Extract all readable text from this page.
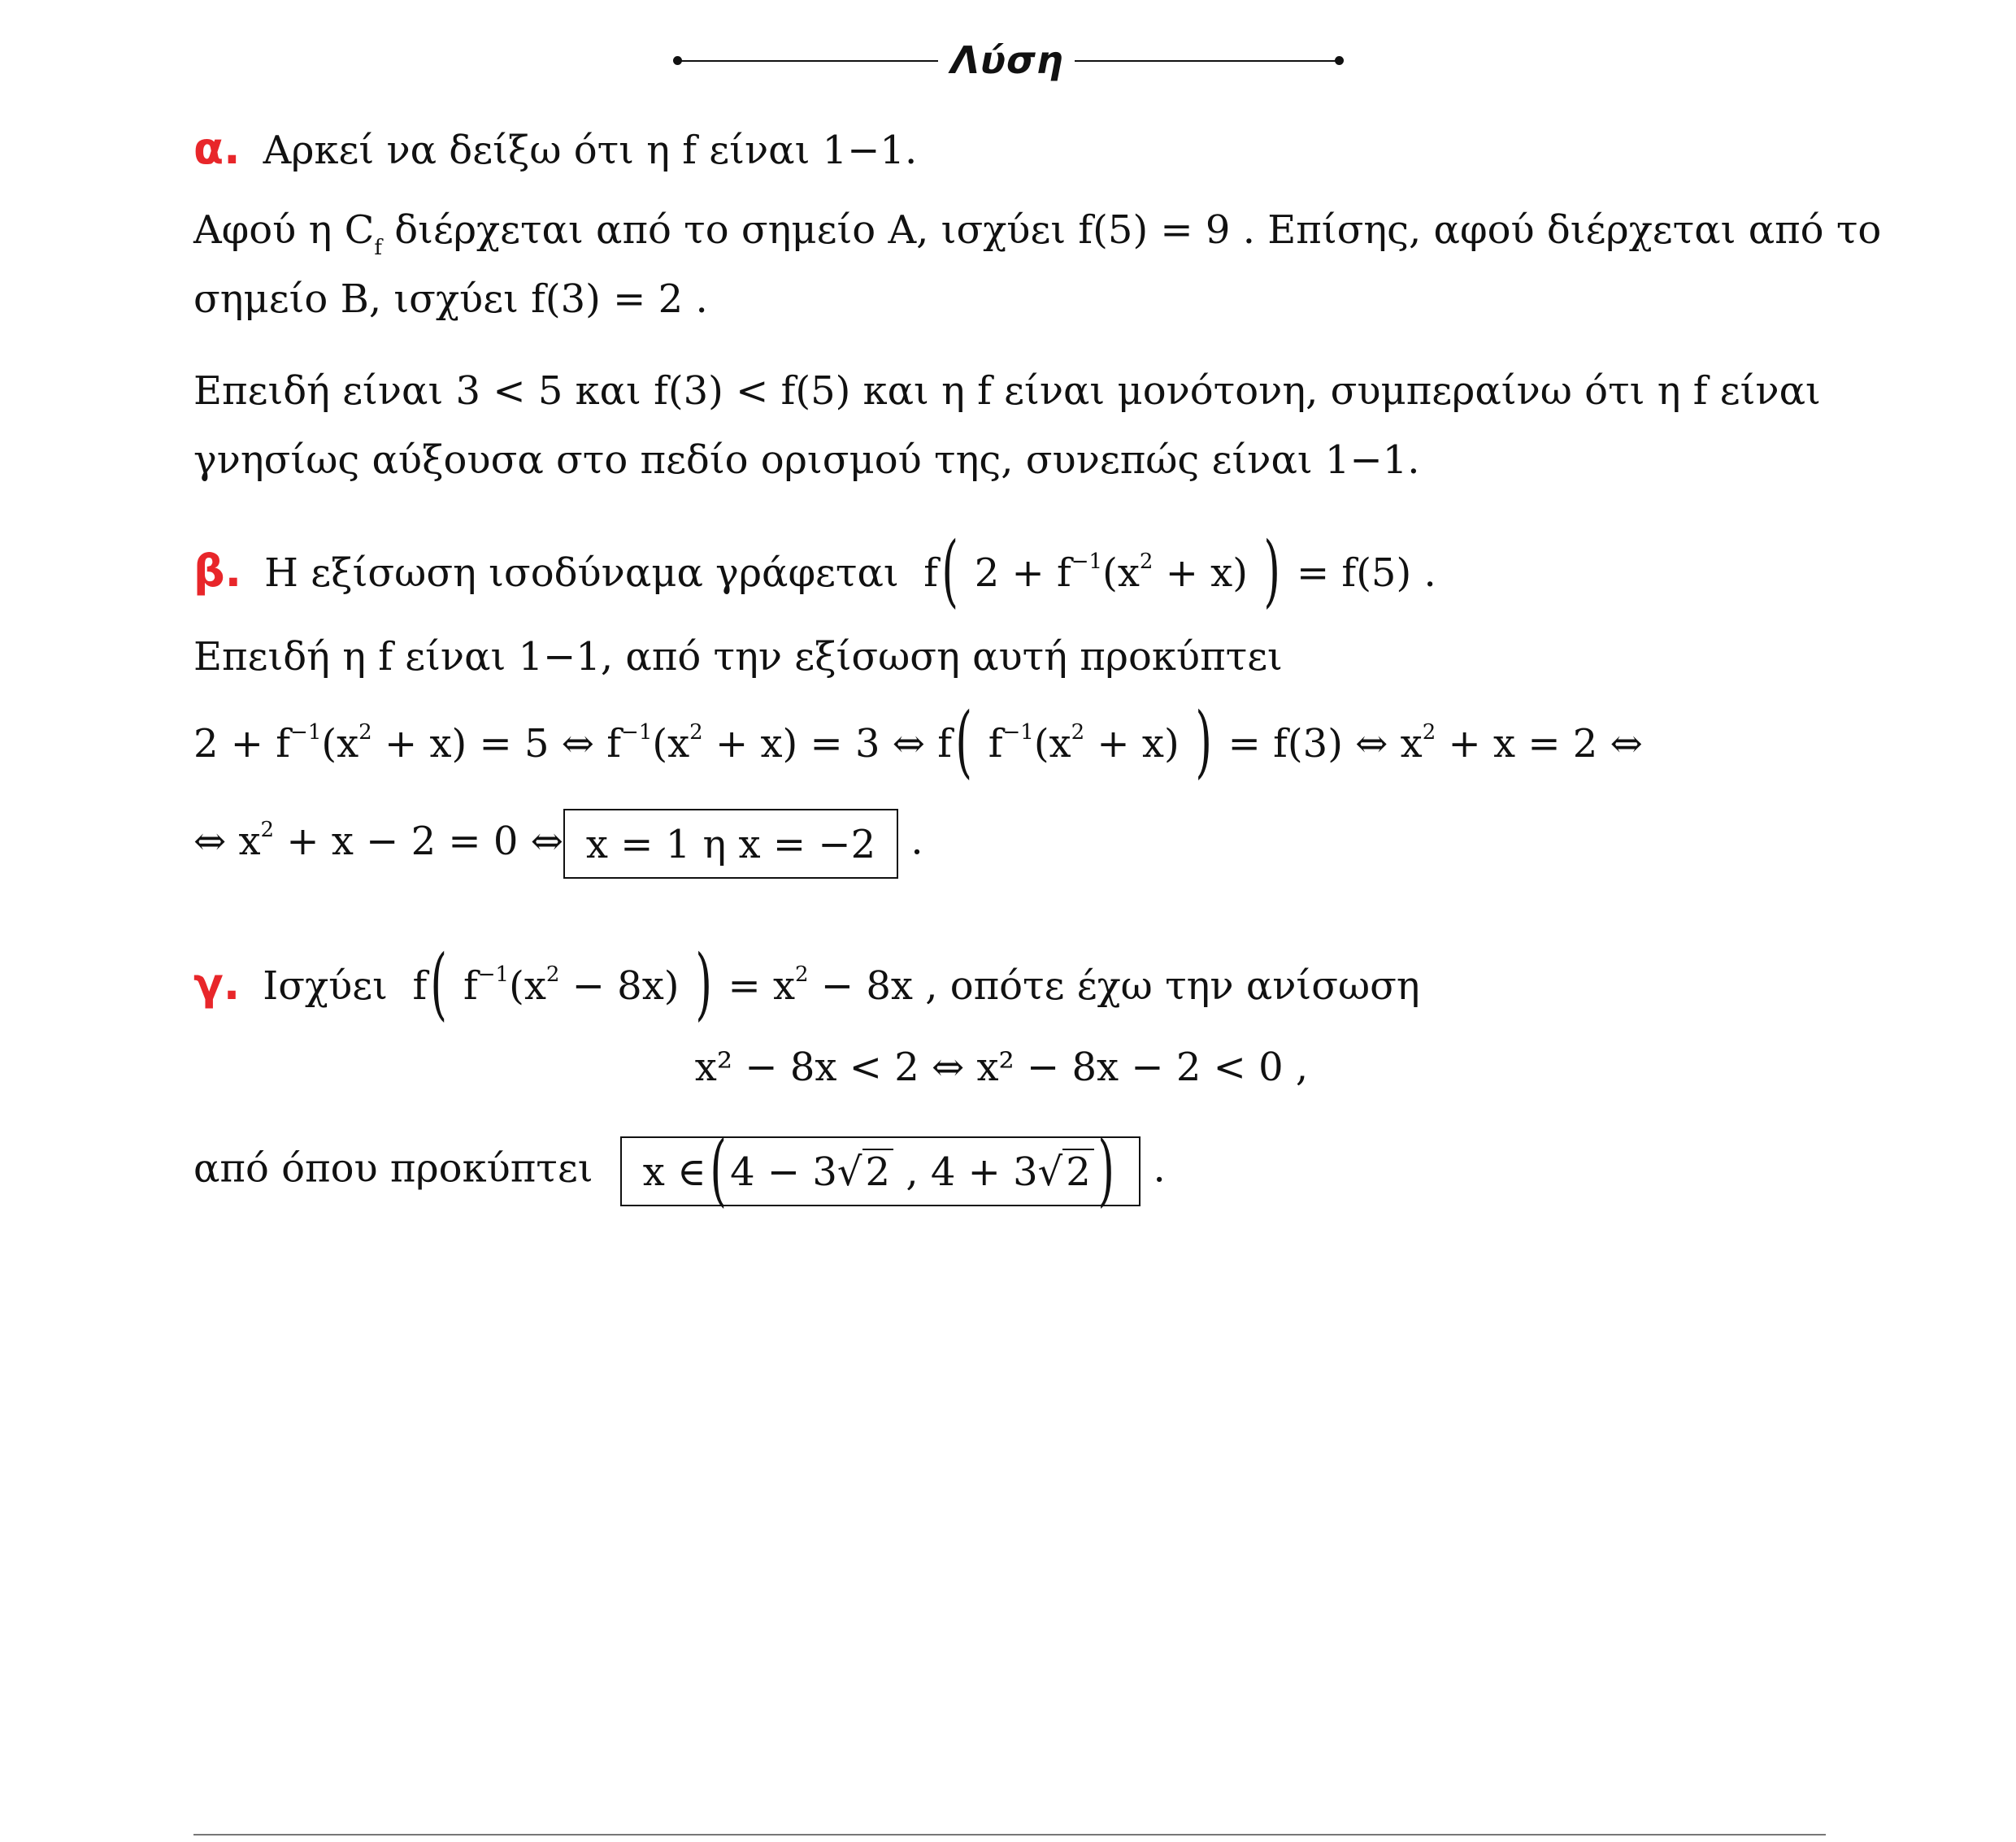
Λύση
α. Αρκεί να δείξω ότι η f είναι 1−1.
Αφού η $C_f$ διέρχεται από το σημείο Α, ισχύει f(5) = 9 . Επίσης, αφού διέρχεται από το
σημείο Β, ισχύει f(3) = 2 .
Επειδή είναι 3 < 5 και f(3) < f(5) και η f είναι μονότονη, συμπεραίνω ότι η f είναι
γνησίως αύξουσα στο πεδίο ορισμού της, συνεπώς είναι 1−1.
β. Η εξίσωση ισοδύναμα γράφεται  f( $2 + f^{-1}(x^2 + x)$ ) = f(5) .
Επειδή η f είναι 1−1, από την εξίσωση αυτή προκύπτει
$2 + f^{-1}(x^2 + x) = 5$ ⇔ $f^{-1}(x^2 + x) = 3$ ⇔ f( $f^{-1}(x^2 + x)$ ) = f(3) ⇔ $x^2 + x = 2$ ⇔
⇔ $x^2 + x - 2 = 0$ ⇔ x = 1 η x = −2 .
γ. Ισχύει  f( $f^{-1}(x^2 - 8x)$ ) = $x^2 - 8x$ , οπότε έχω την ανίσωση
x² − 8x < 2 ⇔ x² − 8x − 2 < 0 ,
από όπου προκύπτει x ∈(4 − 3√2 , 4 + 3√2) .
